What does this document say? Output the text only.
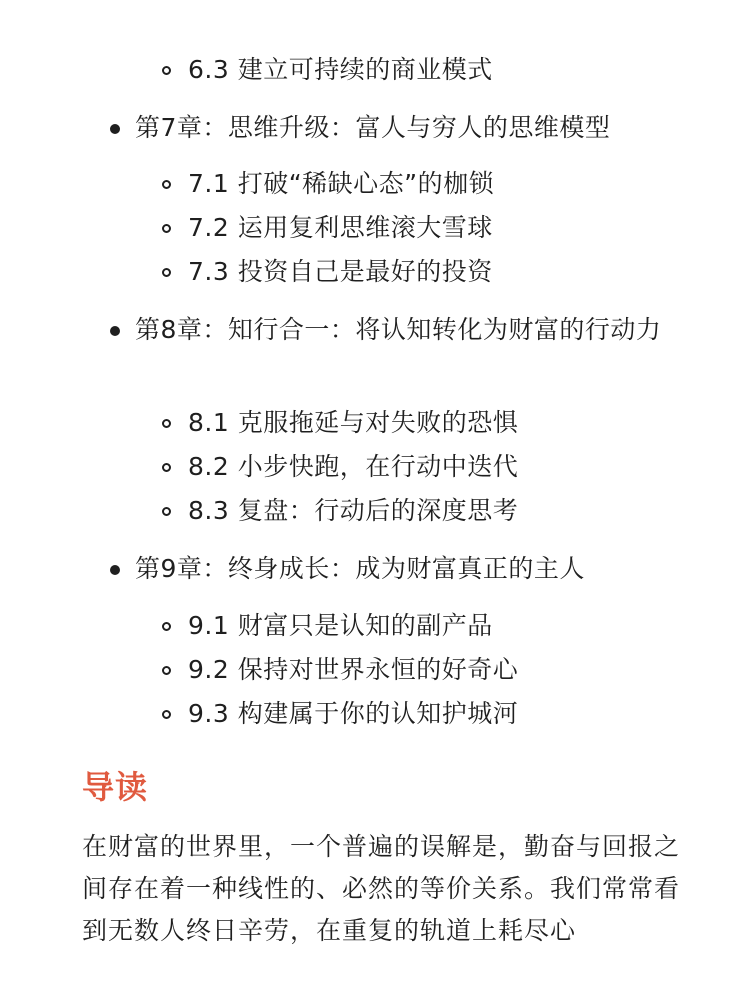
6.3 建立可持续的商业模式
第7章：思维升级：富人与穷人的思维模型
7.1 打破“稀缺心态”的枷锁
7.2 运用复利思维滚大雪球
7.3 投资自己是最好的投资
第8章：知行合一：将认知转化为财富的行动力
8.1 克服拖延与对失败的恐惧
8.2 小步快跑，在行动中迭代
8.3 复盘：行动后的深度思考
第9章：终身成长：成为财富真正的主人
9.1 财富只是认知的副产品
9.2 保持对世界永恒的好奇心
9.3 构建属于你的认知护城河
导读
在财富的世界里，一个普遍的误解是，勤奋与回报之间存在着一种线性的、必然的等价关系。我们常常看到无数人终日辛劳，在重复的轨道上耗尽心
